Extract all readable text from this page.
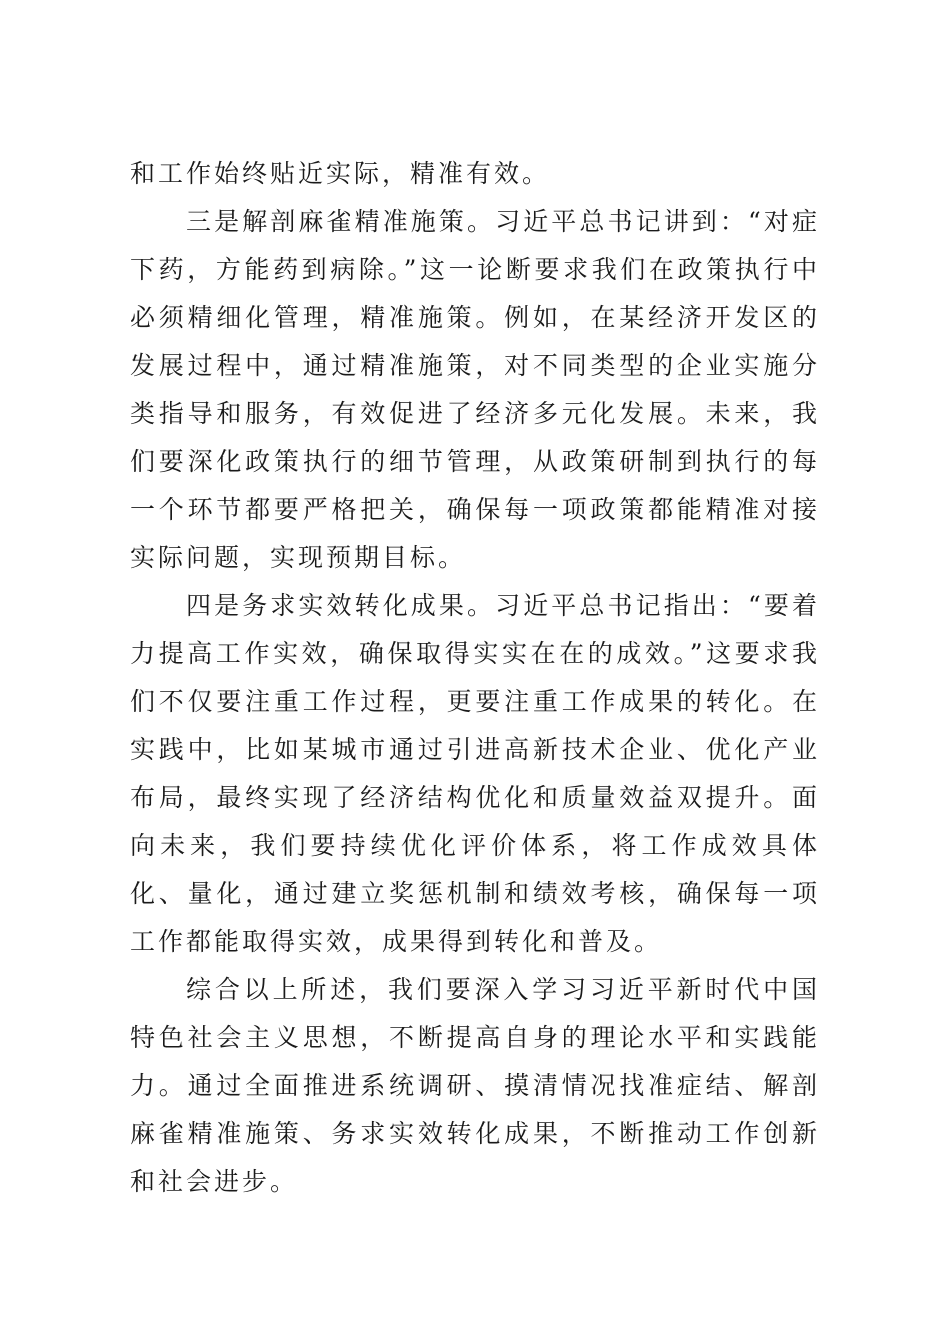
和工作始终贴近实际，精准有效。

三是解剖麻雀精准施策。习近平总书记讲到：“对症下药，方能药到病除。”这一论断要求我们在政策执行中必须精细化管理，精准施策。例如，在某经济开发区的发展过程中，通过精准施策，对不同类型的企业实施分类指导和服务，有效促进了经济多元化发展。未来，我们要深化政策执行的细节管理，从政策研制到执行的每一个环节都要严格把关，确保每一项政策都能精准对接实际问题，实现预期目标。

四是务求实效转化成果。习近平总书记指出：“要着力提高工作实效，确保取得实实在在的成效。”这要求我们不仅要注重工作过程，更要注重工作成果的转化。在实践中，比如某城市通过引进高新技术企业、优化产业布局，最终实现了经济结构优化和质量效益双提升。面向未来，我们要持续优化评价体系，将工作成效具体化、量化，通过建立奖惩机制和绩效考核，确保每一项工作都能取得实效，成果得到转化和普及。

综合以上所述，我们要深入学习习近平新时代中国特色社会主义思想，不断提高自身的理论水平和实践能力。通过全面推进系统调研、摸清情况找准症结、解剖麻雀精准施策、务求实效转化成果，不断推动工作创新和社会进步。
